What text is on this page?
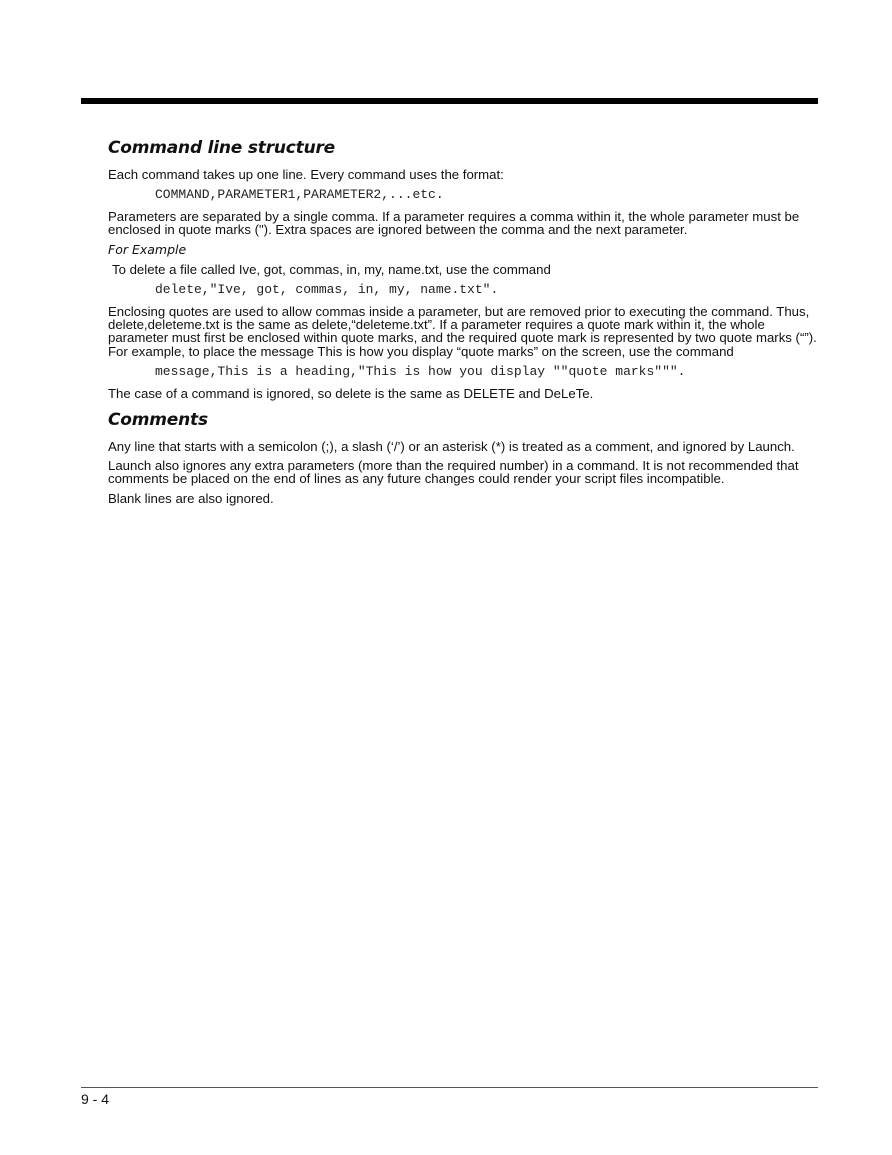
Command line structure

Each command takes up one line. Every command uses the format:

COMMAND,PARAMETER1,PARAMETER2,...etc.

Parameters are separated by a single comma. If a parameter requires a comma within it, the whole parameter must be enclosed in quote marks ("). Extra spaces are ignored between the comma and the next parameter.

For Example

To delete a file called Ive, got, commas, in, my, name.txt, use the command

delete,"Ive, got, commas, in, my, name.txt".

Enclosing quotes are used to allow commas inside a parameter, but are removed prior to executing the command. Thus, delete,deleteme.txt is the same as delete,“deleteme.txt”. If a parameter requires a quote mark within it, the whole parameter must first be enclosed within quote marks, and the required quote mark is represented by two quote marks (“”). For example, to place the message This is how you display “quote marks” on the screen, use the command

message,This is a heading,"This is how you display ""quote marks""".

The case of a command is ignored, so delete is the same as DELETE and DeLeTe.

Comments

Any line that starts with a semicolon (;), a slash (‘/’) or an asterisk (*) is treated as a comment, and ignored by Launch.

Launch also ignores any extra parameters (more than the required number) in a command. It is not recommended that comments be placed on the end of lines as any future changes could render your script files incompatible.

Blank lines are also ignored.

9 - 4
